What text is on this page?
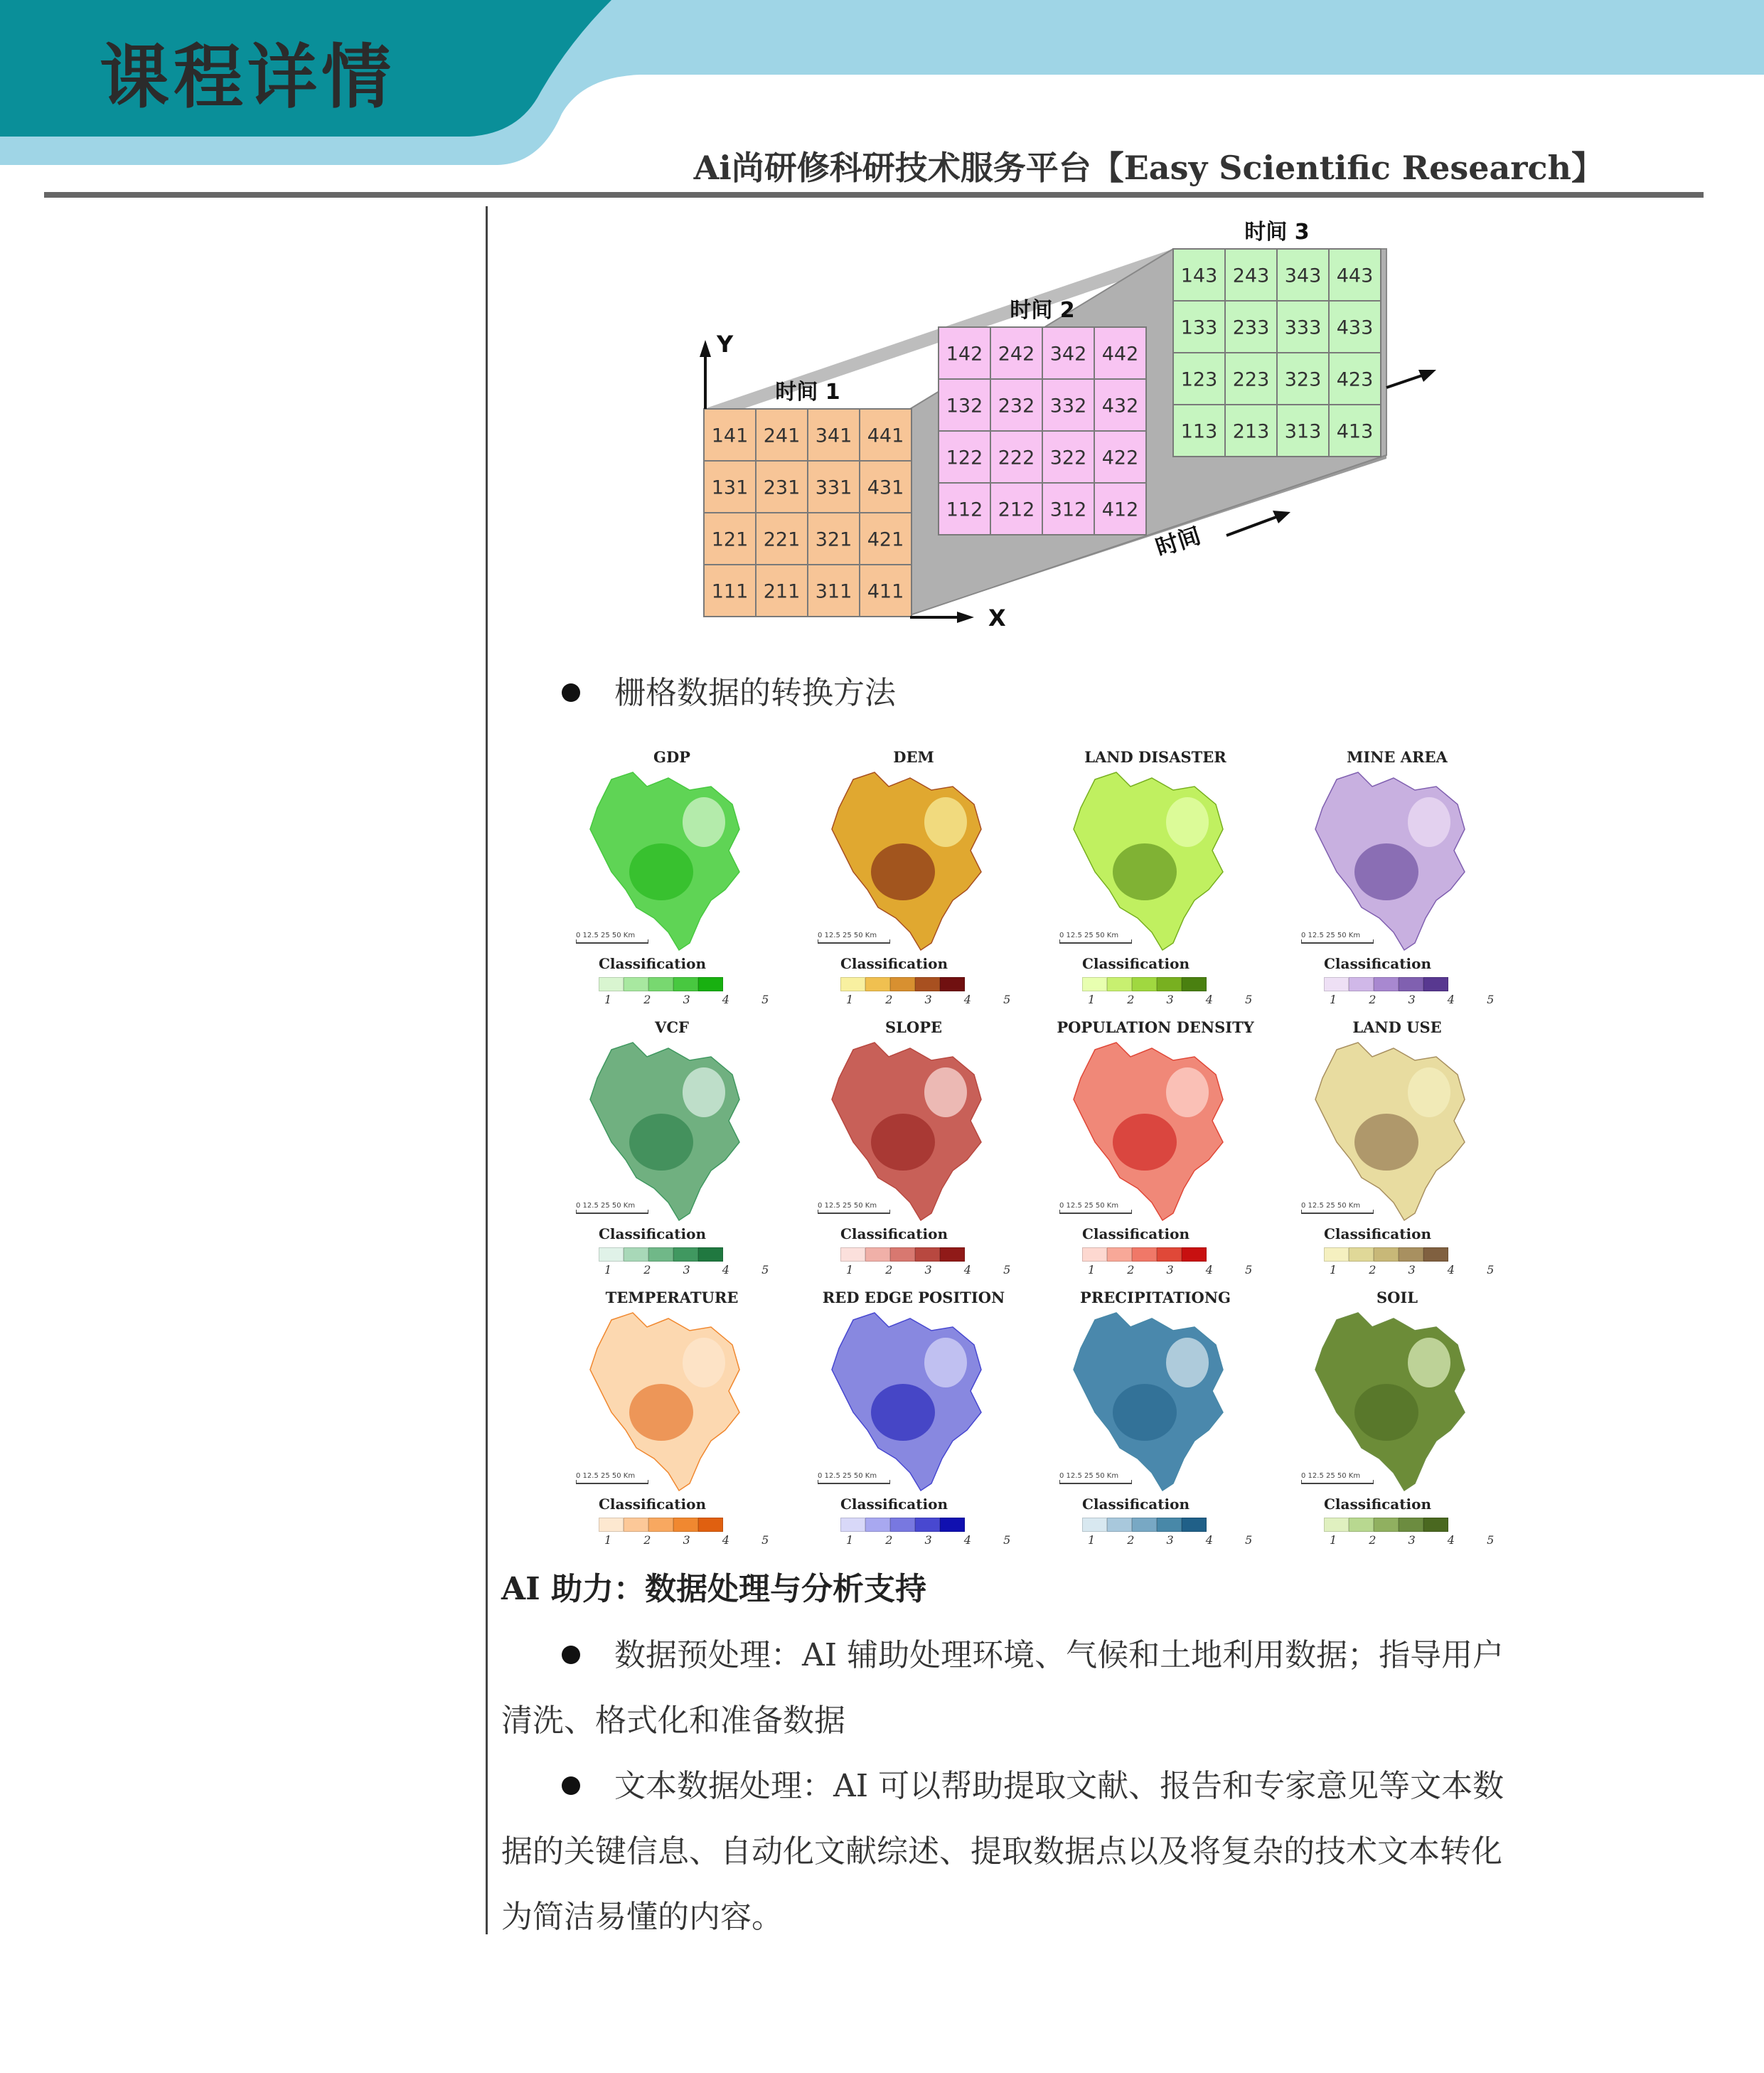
课程详情
Ai尚研修科研技术服务平台【Easy Scientific Research】
时间 1
141 241 341 441
131 231 331 431
121 221 321 421
111 211 311 411
时间 2
142 242 342 442
132 232 332 432
122 222 322 422
112 212 312 412
时间 3
143 243 343 443
133 233 333 433
123 223 323 423
113 213 313 413
Y
X
时间
栅格数据的转换方法
GDP
0 12.5 25 50 Km
Classification
1 2 3 4 5
DEM
0 12.5 25 50 Km
Classification
1 2 3 4 5
LAND DISASTER
0 12.5 25 50 Km
Classification
1 2 3 4 5
MINE AREA
0 12.5 25 50 Km
Classification
1 2 3 4 5
VCF
0 12.5 25 50 Km
Classification
1 2 3 4 5
SLOPE
0 12.5 25 50 Km
Classification
1 2 3 4 5
POPULATION DENSITY
0 12.5 25 50 Km
Classification
1 2 3 4 5
LAND USE
0 12.5 25 50 Km
Classification
1 2 3 4 5
TEMPERATURE
0 12.5 25 50 Km
Classification
1 2 3 4 5
RED EDGE POSITION
0 12.5 25 50 Km
Classification
1 2 3 4 5
PRECIPITATIONG
0 12.5 25 50 Km
Classification
1 2 3 4 5
SOIL
0 12.5 25 50 Km
Classification
1 2 3 4 5
AI 助力：数据处理与分析支持
数据预处理：AI 辅助处理环境、气候和土地利用数据；指导用户
清洗、格式化和准备数据
文本数据处理：AI 可以帮助提取文献、报告和专家意见等文本数
据的关键信息、自动化文献综述、提取数据点以及将复杂的技术文本转化
为简洁易懂的内容。
